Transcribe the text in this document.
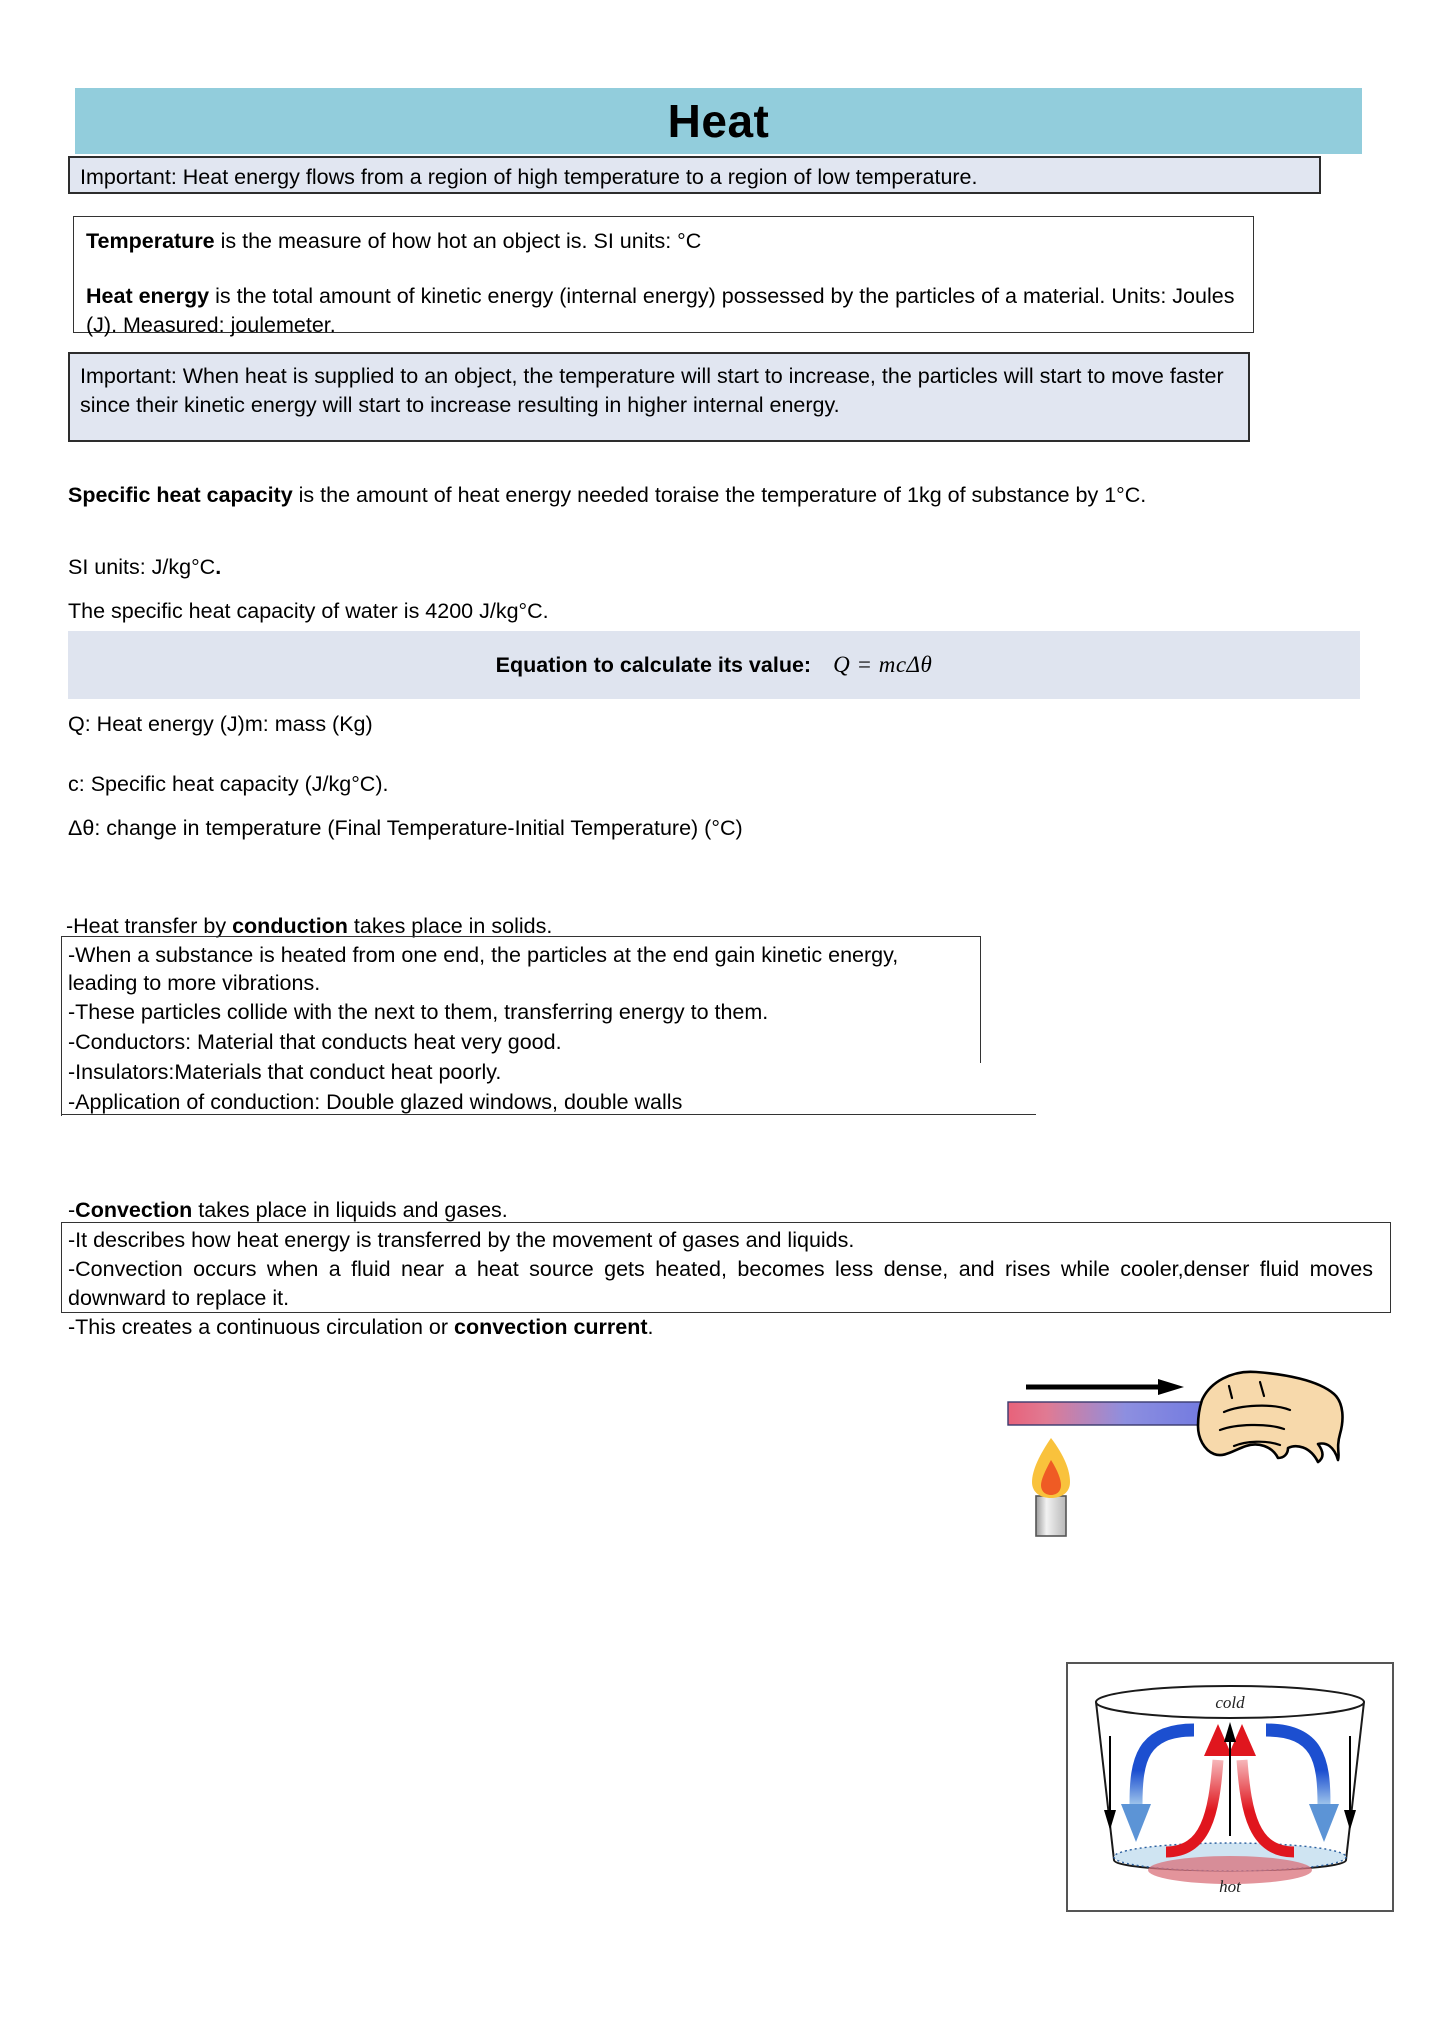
Heat
Important: Heat energy flows from a region of high temperature to a region of low temperature.

Temperature is the measure of how hot an object is. SI units: °C

Heat energy is the total amount of kinetic energy (internal energy) possessed by the particles of a material. Units: Joules (J). Measured: joulemeter.

Important: When heat is supplied to an object, the temperature will start to increase, the particles will start to move faster since their kinetic energy will start to increase resulting in higher internal energy.
Specific heat capacity is the amount of heat energy needed toraise the temperature of 1kg of substance by 1°C.
SI units: J/kg°C.
The specific heat capacity of water is 4200 J/kg°C.
Equation to calculate its value: Q = mcΔθ
Q: Heat energy (J)m: mass (Kg)
c: Specific heat capacity (J/kg°C).
Δθ: change in temperature (Final Temperature-Initial Temperature) (°C)
-Heat transfer by conduction takes place in solids.

-When a substance is heated from one end, the particles at the end gain kinetic energy, leading to more vibrations.

-These particles collide with the next to them, transferring energy to them.

-Conductors: Material that conducts heat very good.

-Insulators:Materials that conduct heat poorly.

-Application of conduction: Double glazed windows, double walls

-Convection takes place in liquids and gases.

-It describes how heat energy is transferred by the movement of gases and liquids.

-Convection occurs when a fluid near a heat source gets heated, becomes less dense, and rises while cooler,denser fluid moves downward to replace it.

-This creates a continuous circulation or convection current.

cold
hot
